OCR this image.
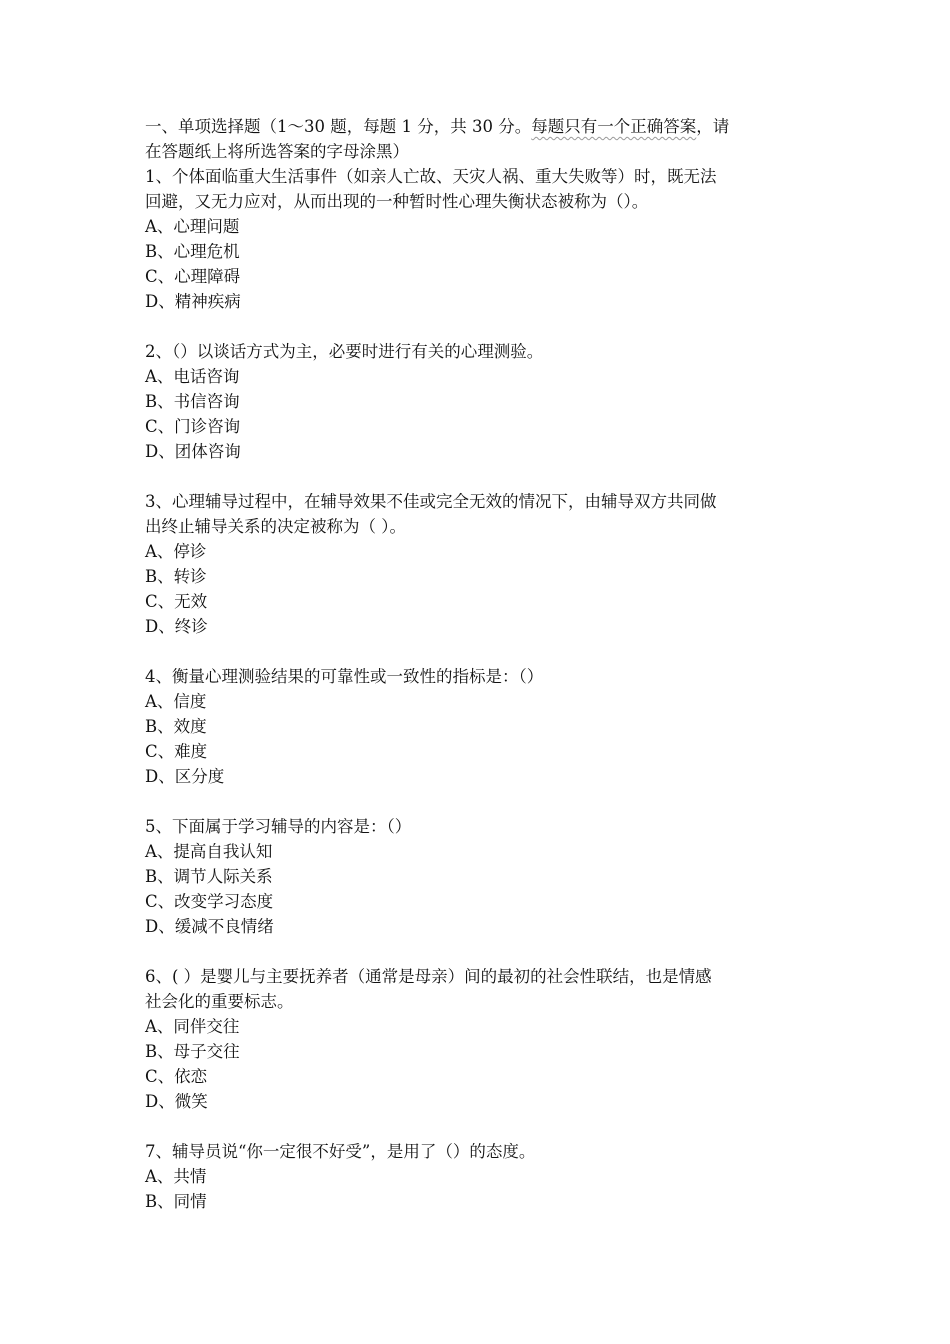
一、单项选择题（1～30 题，每题 1 分，共 30 分。每题只有一个正确答案，请
在答题纸上将所选答案的字母涂黑）
1、个体面临重大生活事件（如亲人亡故、天灾人祸、重大失败等）时，既无法
回避，又无力应对，从而出现的一种暂时性心理失衡状态被称为（）。
A、心理问题
B、心理危机
C、心理障碍
D、精神疾病
2、（）以谈话方式为主，必要时进行有关的心理测验。
A、电话咨询
B、书信咨询
C、门诊咨询
D、团体咨询
3、心理辅导过程中，在辅导效果不佳或完全无效的情况下，由辅导双方共同做
出终止辅导关系的决定被称为（ ）。
A、停诊
B、转诊
C、无效
D、终诊
4、衡量心理测验结果的可靠性或一致性的指标是：（）
A、信度
B、效度
C、难度
D、区分度
5、下面属于学习辅导的内容是：（）
A、提高自我认知
B、调节人际关系
C、改变学习态度
D、缓减不良情绪
6、( ）是婴儿与主要抚养者（通常是母亲）间的最初的社会性联结，也是情感
社会化的重要标志。
A、同伴交往
B、母子交往
C、依恋
D、微笑
7、辅导员说“你一定很不好受”，是用了（）的态度。
A、共情
B、同情
